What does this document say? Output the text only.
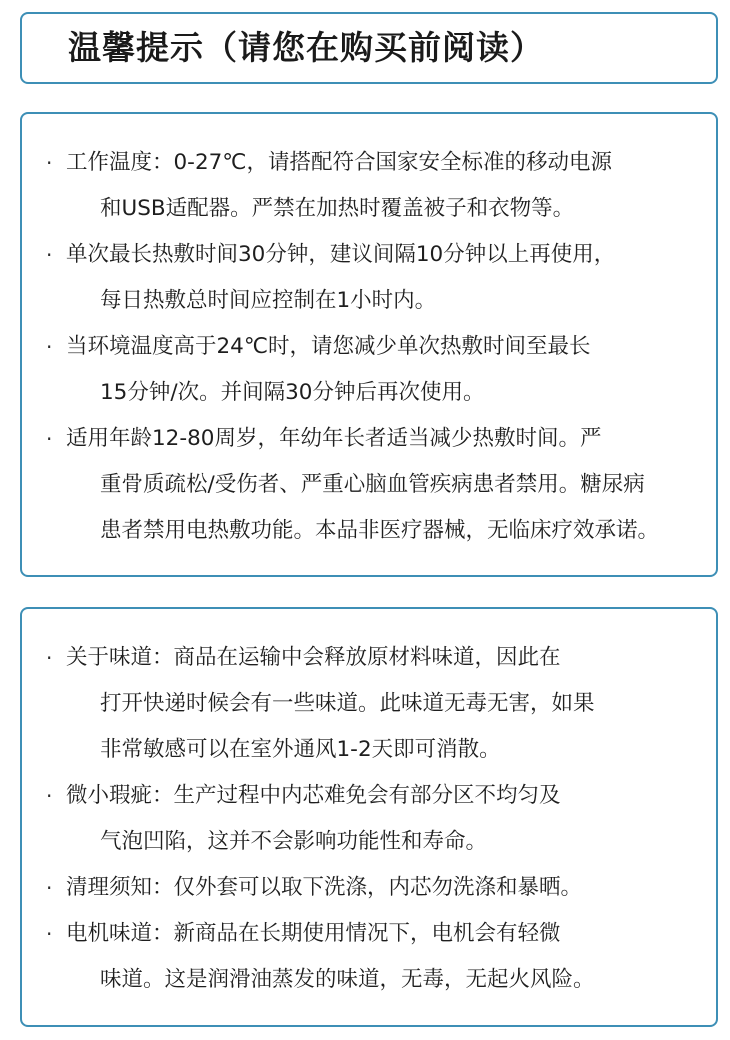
温馨提示（请您在购买前阅读）
· 工作温度：0-27℃，请搭配符合国家安全标准的移动电源
和USB适配器。严禁在加热时覆盖被子和衣物等。
· 单次最长热敷时间30分钟，建议间隔10分钟以上再使用，
每日热敷总时间应控制在1小时内。
· 当环境温度高于24℃时，请您减少单次热敷时间至最长
15分钟/次。并间隔30分钟后再次使用。
· 适用年龄12-80周岁，年幼年长者适当减少热敷时间。严
重骨质疏松/受伤者、严重心脑血管疾病患者禁用。糖尿病
患者禁用电热敷功能。本品非医疗器械，无临床疗效承诺。
· 关于味道：商品在运输中会释放原材料味道，因此在
打开快递时候会有一些味道。此味道无毒无害，如果
非常敏感可以在室外通风1-2天即可消散。
· 微小瑕疵：生产过程中内芯难免会有部分区不均匀及
气泡凹陷，这并不会影响功能性和寿命。
· 清理须知：仅外套可以取下洗涤，内芯勿洗涤和暴晒。
· 电机味道：新商品在长期使用情况下，电机会有轻微
味道。这是润滑油蒸发的味道，无毒，无起火风险。
